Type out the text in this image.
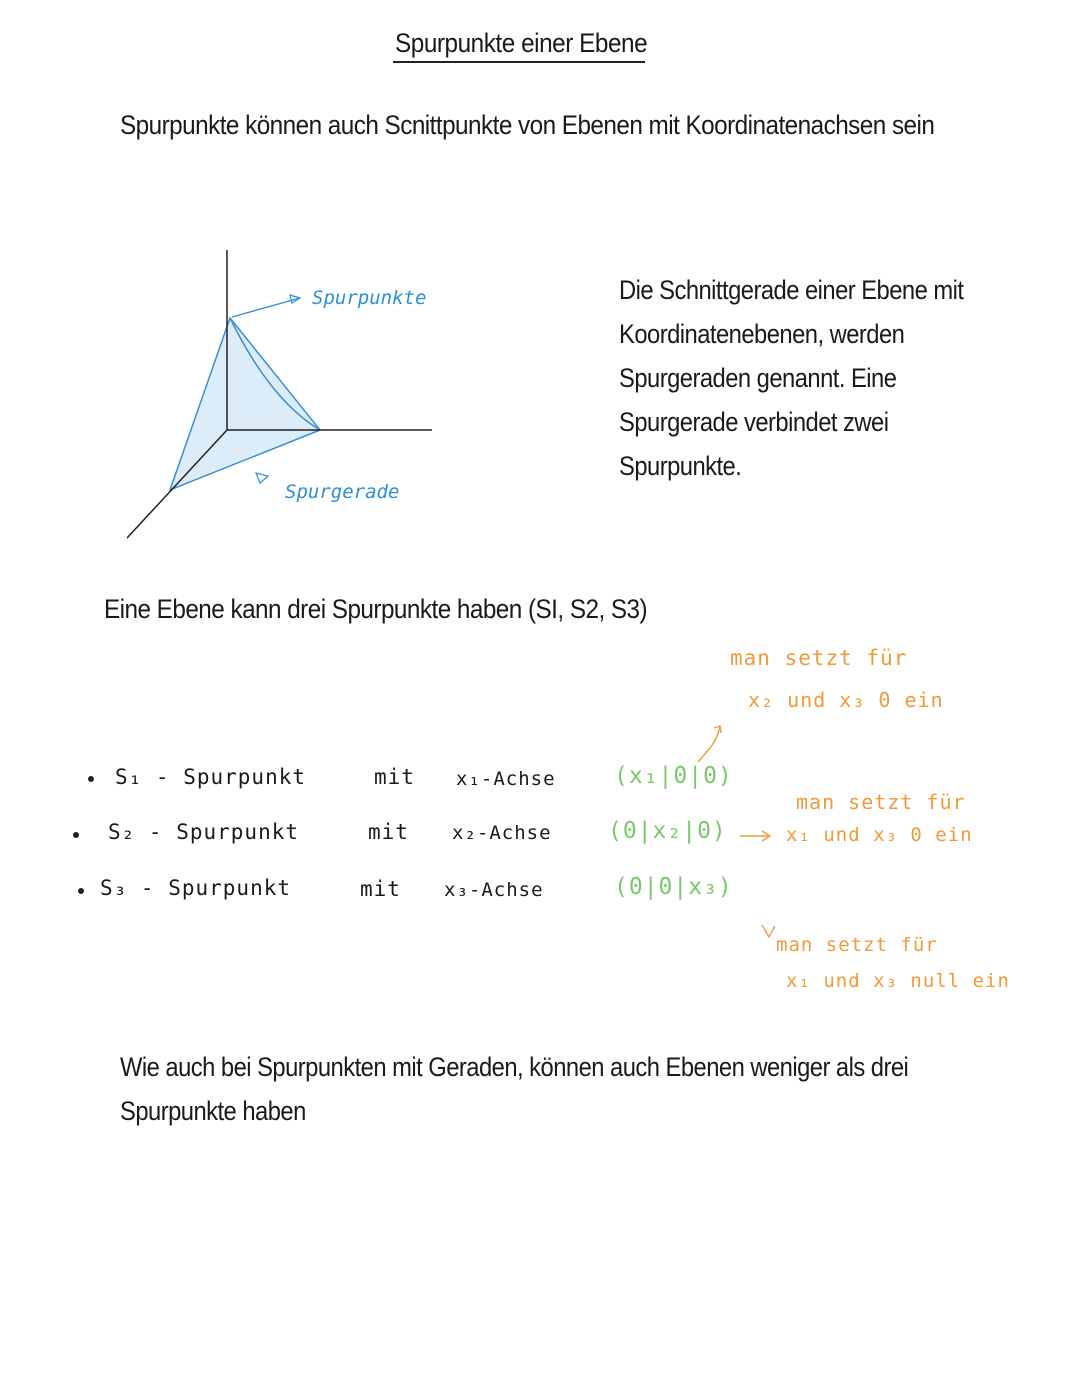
Spurpunkte einer Ebene
Spurpunkte können auch Scnittpunkte von Ebenen mit Koordinatenachsen sein
Spurpunkte
Spurgerade
Die Schnittgerade einer Ebene mit
Koordinatenebenen, werden
Spurgeraden genannt. Eine
Spurgerade verbindet zwei
Spurpunkte.
Eine Ebene kann drei Spurpunkte haben (SI, S2, S3)
man setzt für
x₂ und x₃ 0 ein
S₁ - Spurpunkt	mit x₁-Achse	(x₁|0|0)
S₂ - Spurpunkt	mit x₂-Achse (0|x₂|0)
S₃ - Spurpunkt	mit x₃-Achse	(0|0|x₃)
man setzt für
x₁ und x₃ 0 ein
man setzt für
x₁ und x₃ null ein
Wie auch bei Spurpunkten mit Geraden, können auch Ebenen weniger als drei
Spurpunkte haben
